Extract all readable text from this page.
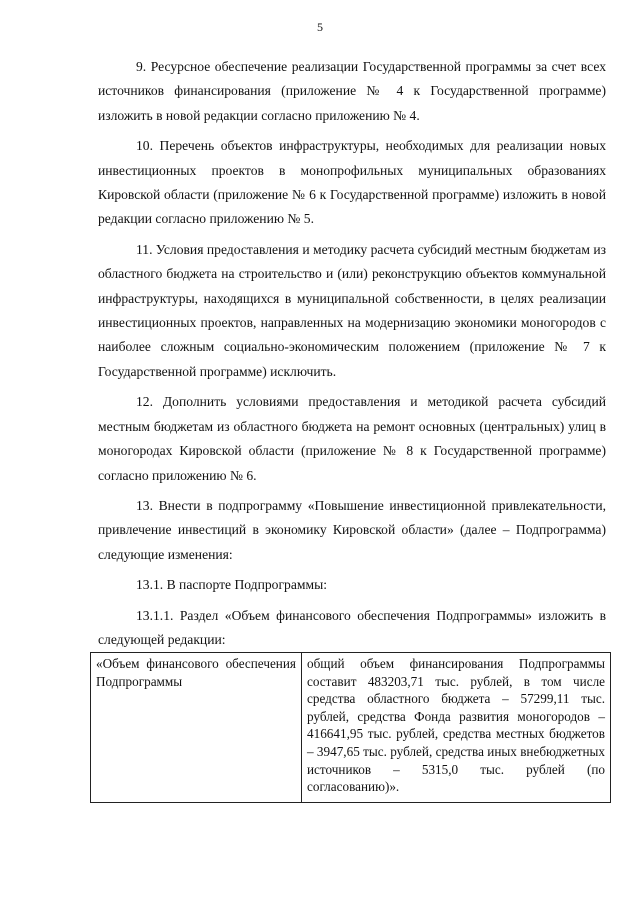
5

9. Ресурсное обеспечение реализации Государственной программы за счет всех источников финансирования (приложение № 4 к Государственной программе) изложить в новой редакции согласно приложению № 4.

10. Перечень объектов инфраструктуры, необходимых для реализации новых инвестиционных проектов в монопрофильных муниципальных образованиях Кировской области (приложение № 6 к Государственной программе) изложить в новой редакции согласно приложению № 5.

11. Условия предоставления и методику расчета субсидий местным бюджетам из областного бюджета на строительство и (или) реконструкцию объектов коммунальной инфраструктуры, находящихся в муниципальной собственности, в целях реализации инвестиционных проектов, направленных на модернизацию экономики моногородов с наиболее сложным социально-экономическим положением (приложение № 7 к Государственной программе) исключить.

12. Дополнить условиями предоставления и методикой расчета субсидий местным бюджетам из областного бюджета на ремонт основных (центральных) улиц в моногородах Кировской области (приложение № 8 к Государственной программе) согласно приложению № 6.

13. Внести в подпрограмму «Повышение инвестиционной привлекательности, привлечение инвестиций в экономику Кировской области» (далее – Подпрограмма) следующие изменения:

13.1. В паспорте Подпрограммы:

13.1.1. Раздел «Объем финансового обеспечения Подпрограммы» изложить в следующей редакции:

«Объем финансового обеспечения Подпрограммы	общий объем финансирования Подпрограммы составит 483203,71 тыс. рублей, в том числе средства областного бюджета – 57299,11 тыс. рублей, средства Фонда развития моногородов – 416641,95 тыс. рублей, средства местных бюджетов – 3947,65 тыс. рублей, средства иных внебюджетных источников – 5315,0 тыс. рублей (по согласованию)».
